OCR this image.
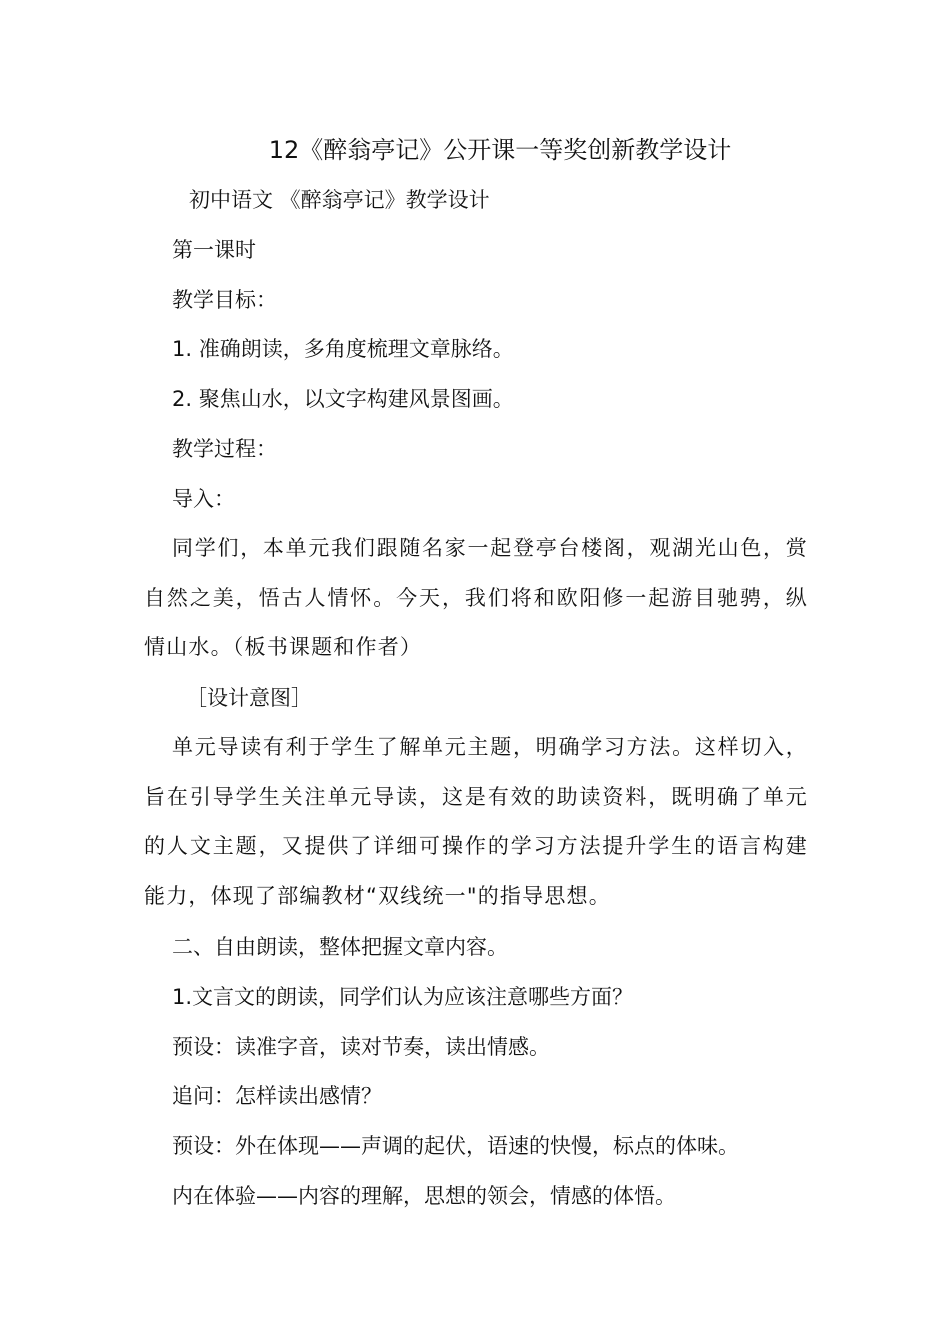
12《醉翁亭记》公开课一等奖创新教学设计
初中语文 《醉翁亭记》教学设计
第一课时
教学目标：
1. 准确朗读，多角度梳理文章脉络。
2. 聚焦山水，以文字构建风景图画。
教学过程：
导入：
同学们，本单元我们跟随名家一起登亭台楼阁，观湖光山色，赏自然之美，悟古人情怀。今天，我们将和欧阳修一起游目驰骋，纵情山水。（板书课题和作者）
［设计意图］
单元导读有利于学生了解单元主题，明确学习方法。这样切入，旨在引导学生关注单元导读，这是有效的助读资料，既明确了单元的人文主题，又提供了详细可操作的学习方法提升学生的语言构建能力，体现了部编教材“双线统一"的指导思想。
二、自由朗读，整体把握文章内容。
1.文言文的朗读，同学们认为应该注意哪些方面？
预设：读准字音，读对节奏，读出情感。
追问：怎样读出感情？
预设：外在体现——声调的起伏，语速的快慢，标点的体味。
内在体验——内容的理解，思想的领会，情感的体悟。
